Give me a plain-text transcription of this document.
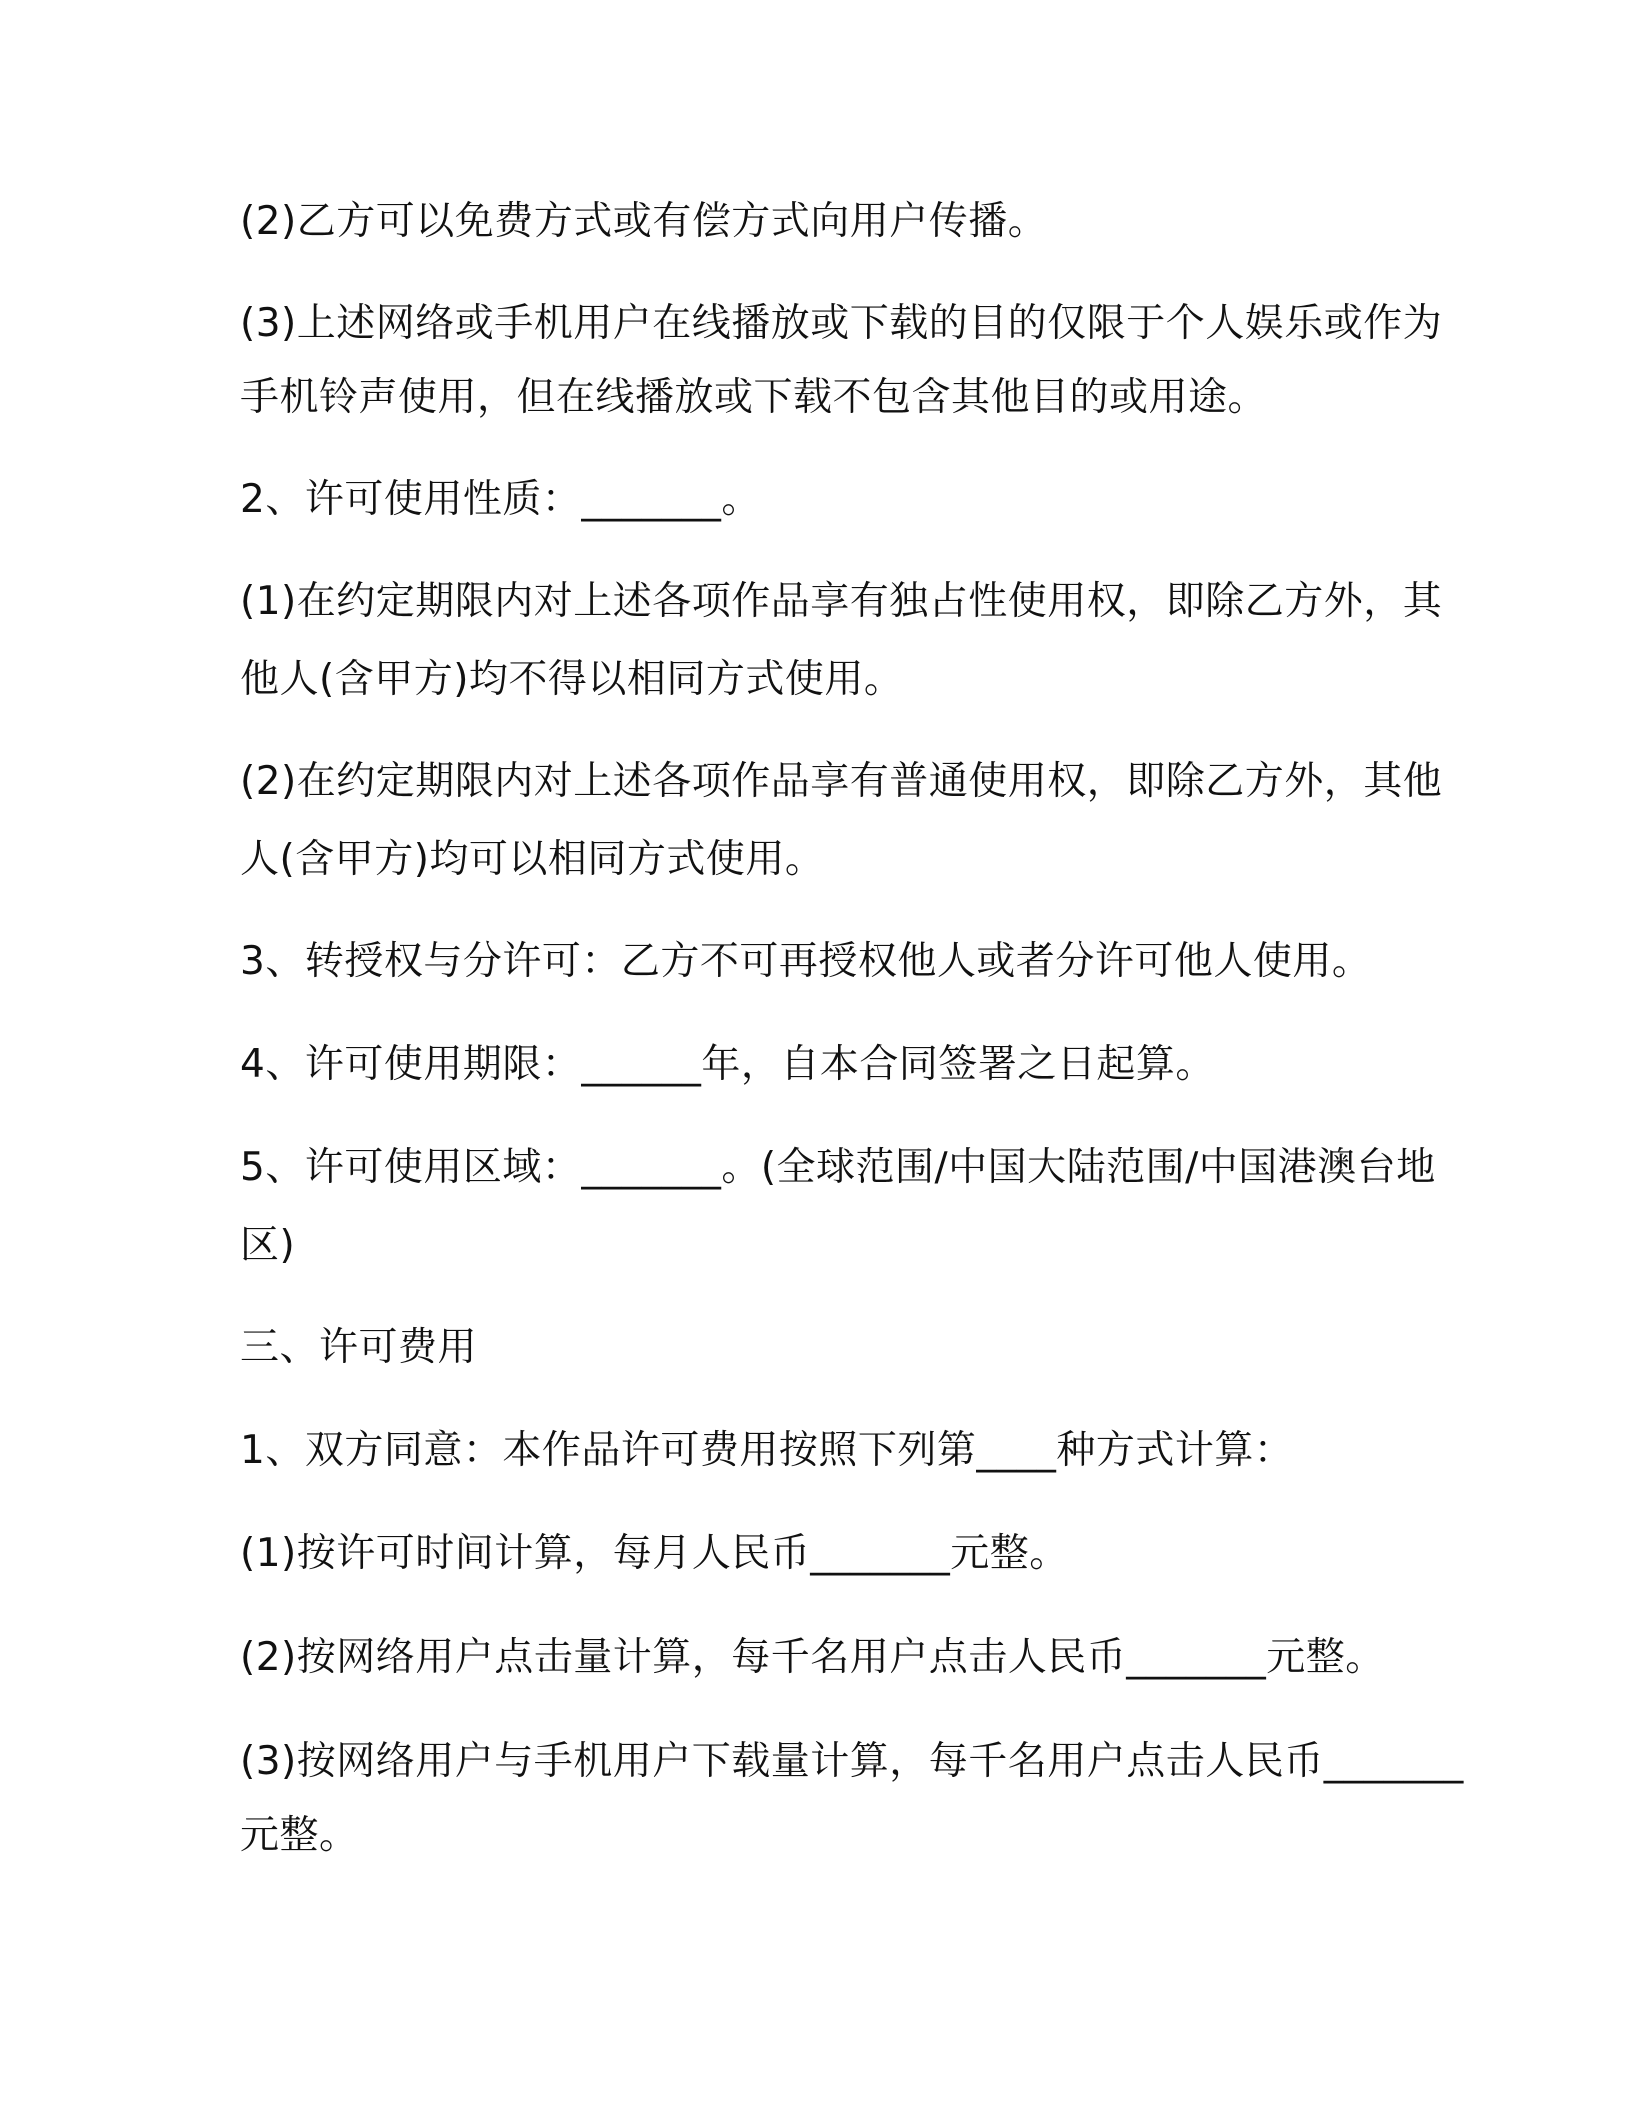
(2)乙方可以免费方式或有偿方式向用户传播。
(3)上述网络或手机用户在线播放或下载的目的仅限于个人娱乐或作为
手机铃声使用，但在线播放或下载不包含其他目的或用途。
2、许可使用性质：_______。
(1)在约定期限内对上述各项作品享有独占性使用权，即除乙方外，其
他人(含甲方)均不得以相同方式使用。
(2)在约定期限内对上述各项作品享有普通使用权，即除乙方外，其他
人(含甲方)均可以相同方式使用。
3、转授权与分许可：乙方不可再授权他人或者分许可他人使用。
4、许可使用期限：______年，自本合同签署之日起算。
5、许可使用区域：_______。(全球范围/中国大陆范围/中国港澳台地
区)
三、许可费用
1、双方同意：本作品许可费用按照下列第____种方式计算：
(1)按许可时间计算，每月人民币_______元整。
(2)按网络用户点击量计算，每千名用户点击人民币_______元整。
(3)按网络用户与手机用户下载量计算，每千名用户点击人民币_______
元整。
